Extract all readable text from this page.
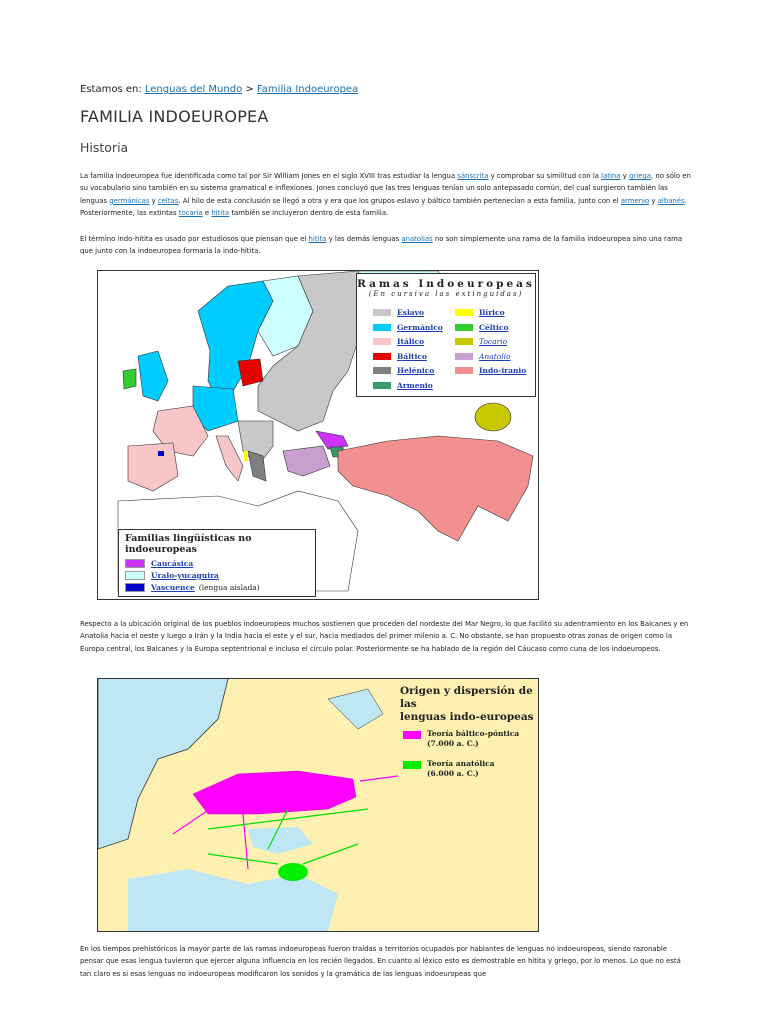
Estamos en: Lenguas del Mundo > Familia Indoeuropea
FAMILIA INDOEUROPEA
Historia
La familia indoeuropea fue identificada como tal por Sir William Jones en el siglo XVIII tras estudiar la lengua sánscrita y comprobar su similitud con la latina y griega, no sólo en su vocabulario sino también en su sistema gramatical e inflexiones. Jones concluyó que las tres lenguas tenían un solo antepasado común, del cual surgieron también las lenguas germánicas y celtas. Al hilo de esta conclusión se llegó a otra y era que los grupos eslavo y báltico también pertenecían a esta familia, junto con el armenio y albanés. Posteriormente, las extintas tocaria e hitita también se incluyeron dentro de esta familia.
El término indo-hitita es usado por estudiosos que piensan que el hitita y las demás lenguas anatolias no son simplemente una rama de la familia indoeuropea sino una rama que junto con la indoeuropea formaría la indo-hitita.
Ramas Indoeuropeas
(En cursiva las extinguidas)
Eslavo	Ilírico
Germánico	Céltico
Itálico	Tocario
Báltico	Anatolio
Helénico	Indo-iranio
Armenio
Familias lingüísticas no indoeuropeas
Caucásica
Uralo-yucaguira
Vascuence (lengua aislada)
Respecto a la ubicación original de los pueblos indoeuropeos muchos sostienen que proceden del nordeste del Mar Negro, lo que facilitó su adentramiento en los Balcanes y en Anatolia hacia el oeste y luego a Irán y la India hacia el este y el sur, hacia mediados del primer milenio a. C. No obstante, se han propuesto otras zonas de origen como la Europa central, los Balcanes y la Europa septentrional e incluso el círculo polar. Posteriormente se ha hablado de la región del Cáucaso como cuna de los indoeuropeos.
Origen y dispersión de las
lenguas indo-europeas
Teoría báltico-póntica
(7.000 a. C.)
Teoría anatólica
(6.000 a. C.)
En los tiempos prehistóricos la mayor parte de las ramas indoeuropeas fueron traídas a territorios ocupados por hablantes de lenguas no indoeuropeas, siendo razonable pensar que esas lengua tuvieron que ejercer alguna influencia en los recién llegados. En cuanto al léxico esto es demostrable en hitita y griego, por lo menos. Lo que no está tan claro es si esas lenguas no indoeuropeas modificaron los sonidos y la gramática de las lenguas indoeuropeas que
